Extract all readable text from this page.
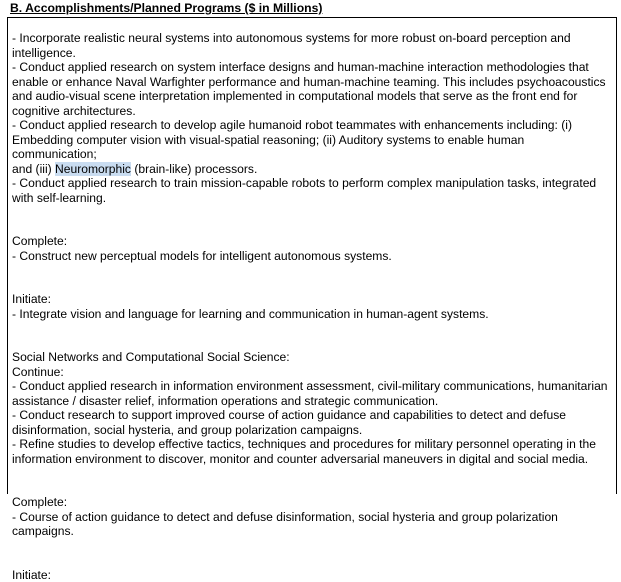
B. Accomplishments/Planned Programs ($ in Millions)
- Incorporate realistic neural systems into autonomous systems for more robust on-board perception and
intelligence.
- Conduct applied research on system interface designs and human-machine interaction methodologies that
enable or enhance Naval Warfighter performance and human-machine teaming. This includes psychoacoustics
and audio-visual scene interpretation implemented in computational models that serve as the front end for
cognitive architectures.
- Conduct applied research to develop agile humanoid robot teammates with enhancements including: (i)
Embedding computer vision with visual-spatial reasoning; (ii) Auditory systems to enable human communication;
and (iii) Neuromorphic (brain-like) processors.
- Conduct applied research to train mission-capable robots to perform complex manipulation tasks, integrated
with self-learning.
Complete:
- Construct new perceptual models for intelligent autonomous systems.
Initiate:
- Integrate vision and language for learning and communication in human-agent systems.
Social Networks and Computational Social Science:
Continue:
- Conduct applied research in information environment assessment, civil-military communications, humanitarian
assistance / disaster relief, information operations and strategic communication.
- Conduct research to support improved course of action guidance and capabilities to detect and defuse
disinformation, social hysteria, and group polarization campaigns.
- Refine studies to develop effective tactics, techniques and procedures for military personnel operating in the
information environment to discover, monitor and counter adversarial maneuvers in digital and social media.
Complete:
- Course of action guidance to detect and defuse disinformation, social hysteria and group polarization
campaigns.
Initiate:
